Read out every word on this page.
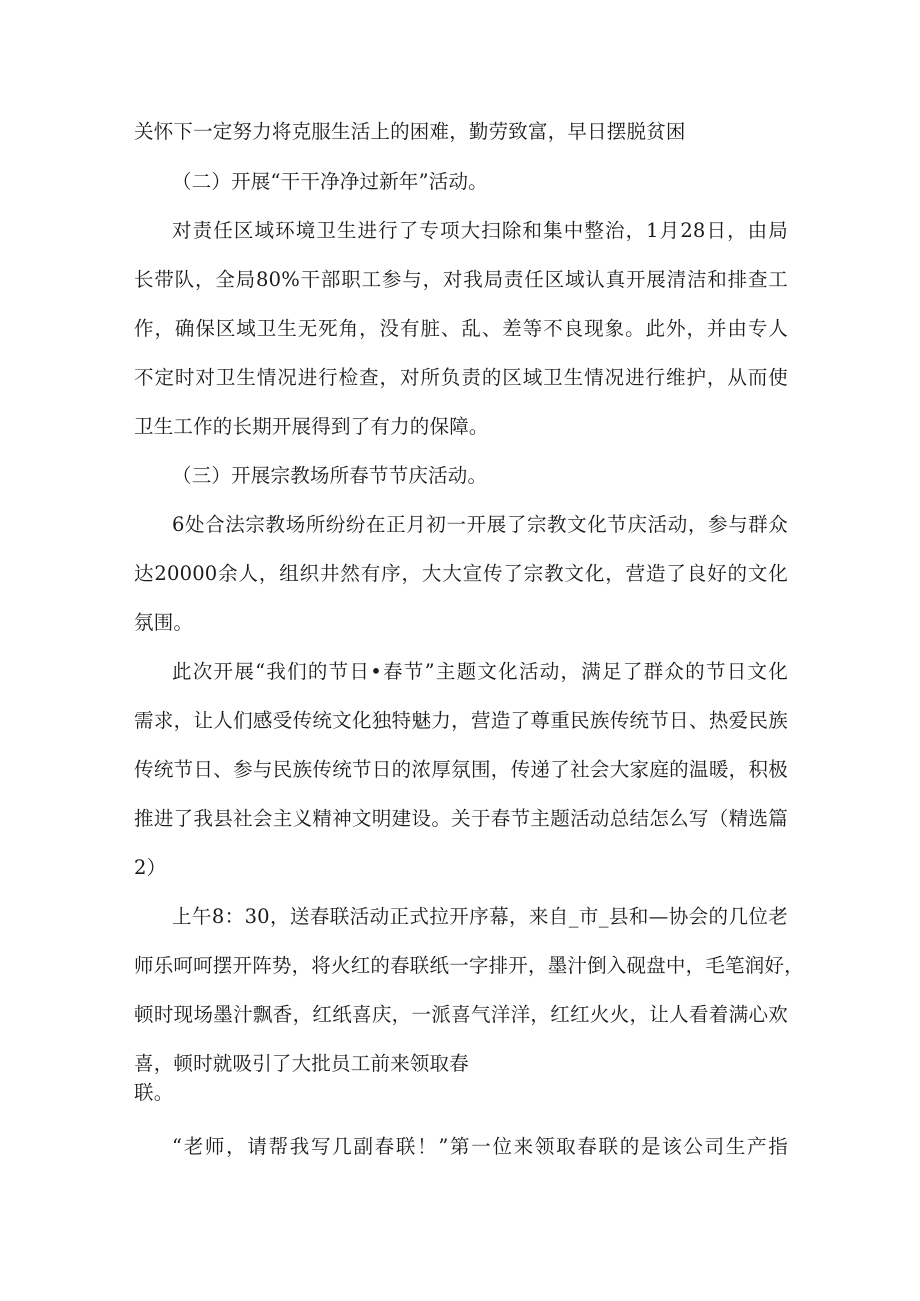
关怀下一定努力将克服生活上的困难，勤劳致富，早日摆脱贫困
（二）开展“干干净净过新年”活动。
对责任区域环境卫生进行了专项大扫除和集中整治，1月28日，由局
长带队，全局80%干部职工参与，对我局责任区域认真开展清洁和排查工
作，确保区域卫生无死角，没有脏、乱、差等不良现象。此外，并由专人
不定时对卫生情况进行检查，对所负责的区域卫生情况进行维护，从而使
卫生工作的长期开展得到了有力的保障。
（三）开展宗教场所春节节庆活动。
6处合法宗教场所纷纷在正月初一开展了宗教文化节庆活动，参与群众
达20000余人，组织井然有序，大大宣传了宗教文化，营造了良好的文化
氛围。
此次开展“我们的节日•春节”主题文化活动，满足了群众的节日文化
需求，让人们感受传统文化独特魅力，营造了尊重民族传统节日、热爱民族
传统节日、参与民族传统节日的浓厚氛围，传递了社会大家庭的温暖，积极
推进了我县社会主义精神文明建设。关于春节主题活动总结怎么写（精选篇
2）
上午8：30，送春联活动正式拉开序幕，来自_市_县和—协会的几位老
师乐呵呵摆开阵势，将火红的春联纸一字排开，墨汁倒入砚盘中，毛笔润好，
顿时现场墨汁飘香，红纸喜庆，一派喜气洋洋，红红火火，让人看着满心欢
喜，顿时就吸引了大批员工前来领取春
联。
“老师，请帮我写几副春联！”第一位来领取春联的是该公司生产指
